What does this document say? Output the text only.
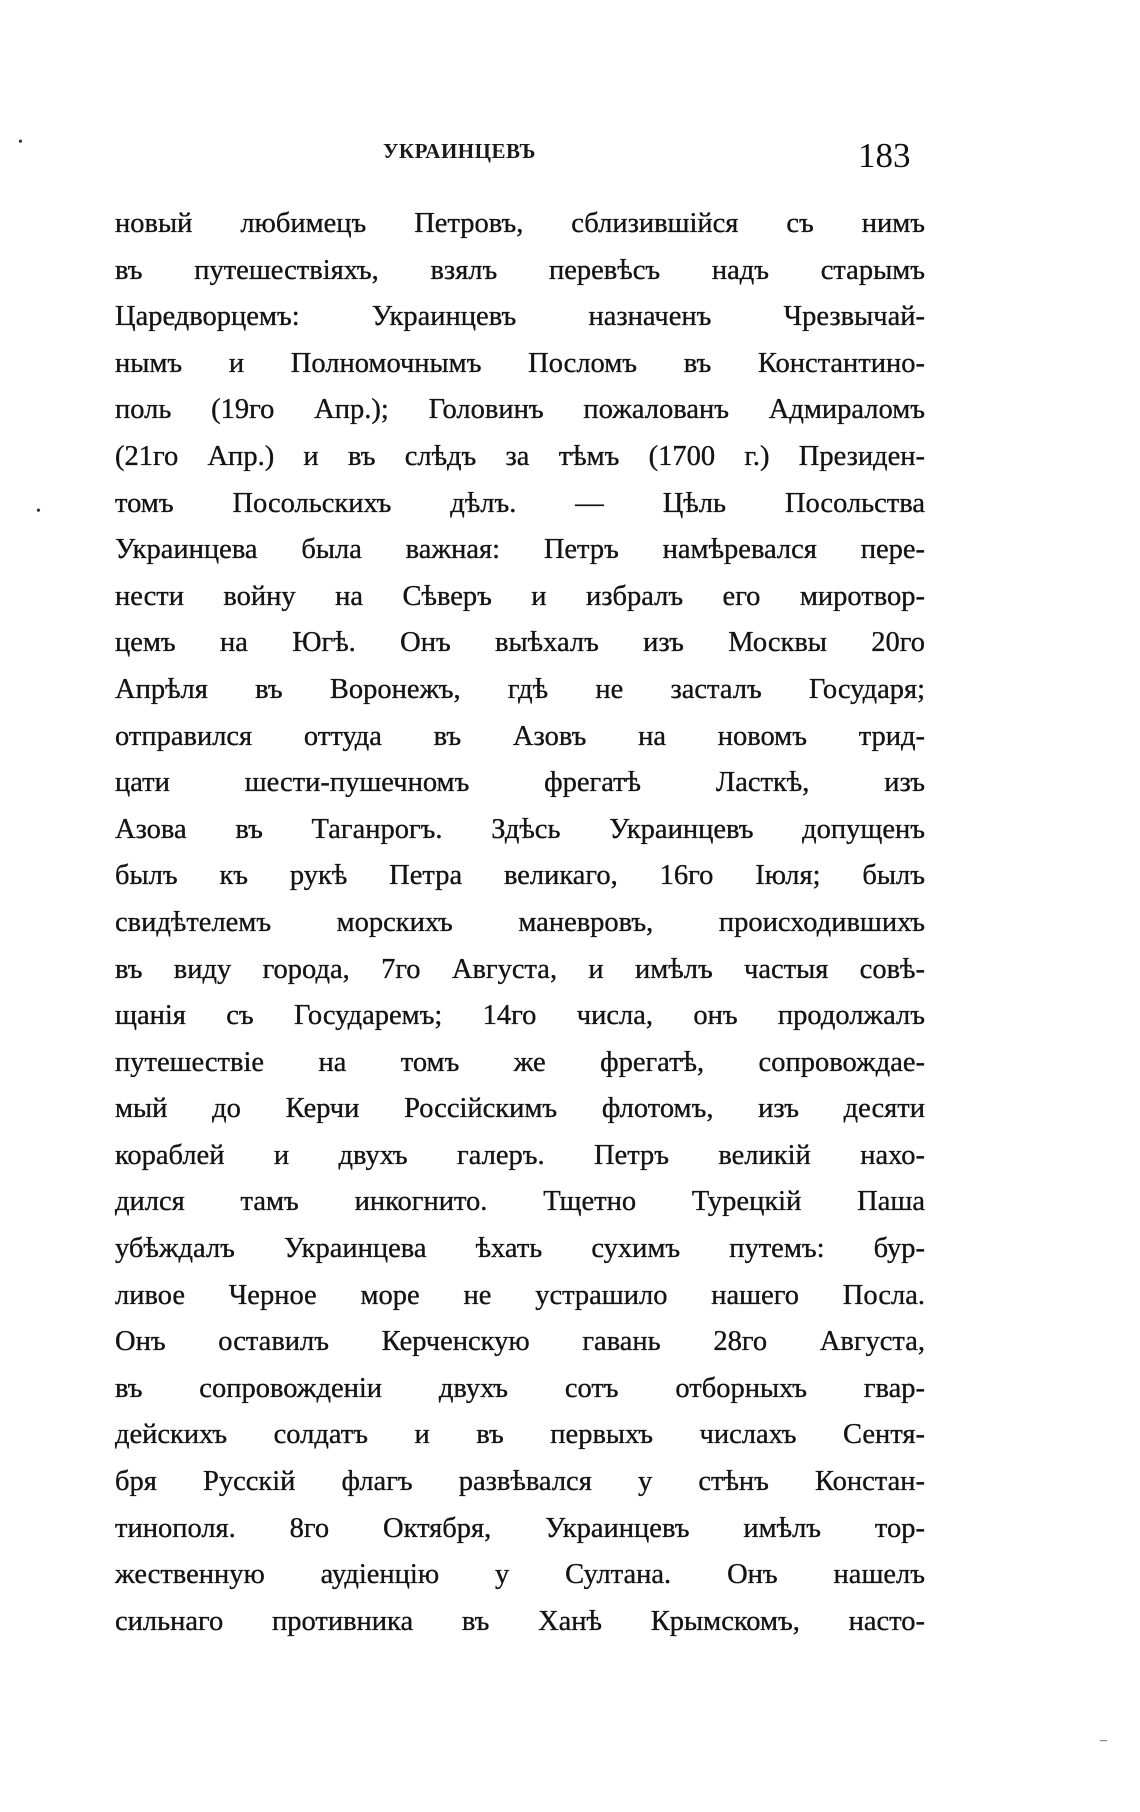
УКРАИНЦЕВЪ	183
•
•
–
новый любимецъ Петровъ, сблизившійся съ нимъ
въ путешествіяхъ, взялъ перевѣсъ надъ старымъ
Царедворцемъ: Украинцевъ назначенъ Чрезвычай-
нымъ и Полномочнымъ Посломъ въ Константино-
поль (19го Апр.); Головинъ пожалованъ Адмираломъ
(21го Апр.) и въ слѣдъ за тѣмъ (1700 г.) Президен-
томъ Посольскихъ дѣлъ. — Цѣль Посольства
Украинцева была важная: Петръ намѣревался пере-
нести войну на Сѣверъ и избралъ его миротвор-
цемъ на Югѣ. Онъ выѣхалъ изъ Москвы 20го
Апрѣля въ Воронежъ, гдѣ не засталъ Государя;
отправился оттуда въ Азовъ на новомъ трид-
цати шести-пушечномъ фрегатѣ Ласткѣ, изъ
Азова въ Таганрогъ. Здѣсь Украинцевъ допущенъ
былъ къ рукѣ Петра великаго, 16го Іюля; былъ
свидѣтелемъ морскихъ маневровъ, происходившихъ
въ виду города, 7го Августа, и имѣлъ частыя совѣ-
щанія съ Государемъ; 14го числа, онъ продолжалъ
путешествіе на томъ же фрегатѣ, сопровождае-
мый до Керчи Россійскимъ флотомъ, изъ десяти
кораблей и двухъ галеръ. Петръ великій нахо-
дился тамъ инкогнито. Тщетно Турецкій Паша
убѣждалъ Украинцева ѣхать сухимъ путемъ: бур-
ливое Черное море не устрашило нашего Посла.
Онъ оставилъ Керченскую гавань 28го Августа,
въ сопровожденіи двухъ сотъ отборныхъ гвар-
дейскихъ солдатъ и въ первыхъ числахъ Сентя-
бря Русскій флагъ развѣвался у стѣнъ Констан-
тинополя. 8го Октября, Украинцевъ имѣлъ тор-
жественную аудіенцію у Султана. Онъ нашелъ
сильнаго противника въ Ханѣ Крымскомъ, насто-
